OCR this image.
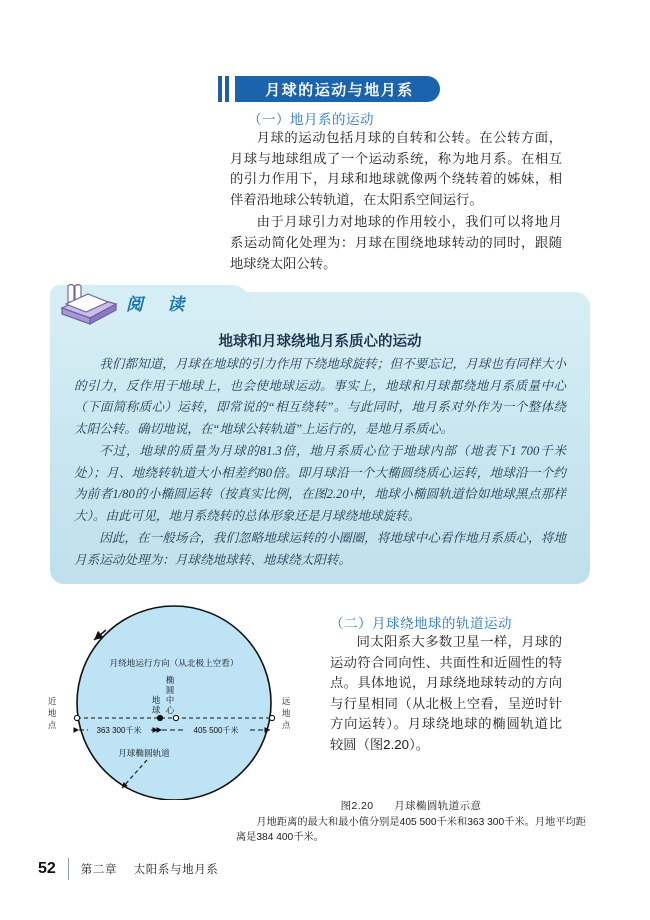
月球的运动与地月系
（一）地月系的运动

月球的运动包括月球的自转和公转。在公转方面，月球与地球组成了一个运动系统，称为地月系。在相互的引力作用下，月球和地球就像两个绕转着的姊妹，相伴着沿地球公转轨道，在太阳系空间运行。

由于月球引力对地球的作用较小，我们可以将地月系运动简化处理为：月球在围绕地球转动的同时，跟随地球绕太阳公转。

地球和月球绕地月系质心的运动

我们都知道，月球在地球的引力作用下绕地球旋转；但不要忘记，月球也有同样大小的引力，反作用于地球上，也会使地球运动。事实上，地球和月球都绕地月系质量中心（下面简称质心）运转，即常说的“相互绕转”。与此同时，地月系对外作为一个整体绕太阳公转。确切地说，在“地球公转轨道”上运行的，是地月系质心。

不过，地球的质量为月球的81.3倍，地月系质心位于地球内部（地表下1 700千米处）；月、地绕转轨道大小相差约80倍。即月球沿一个大椭圆绕质心运转，地球沿一个约为前者1/80的小椭圆运转（按真实比例，在图2.20中，地球小椭圆轨道恰如地球黑点那样大）。由此可见，地月系绕转的总体形象还是月球绕地球旋转。

因此，在一般场合，我们忽略地球运转的小圈圈，将地球中心看作地月系质心，将地月系运动处理为：月球绕地球转、地球绕太阳转。

阅 读
（二）月球绕地球的轨道运动

同太阳系大多数卫星一样，月球的运动符合同向性、共面性和近圆性的特点。具体地说，月球绕地球转动的方向与行星相同（从北极上空看，呈逆时针方向运转）。月球绕地球的椭圆轨道比较圆（图2.20）。

月绕地运行方向（从北极上空看）
近
地
点
远
地
点
地
球
椭
圆
中
心
363 300千米	405 500千米
月球椭圆轨道
图2.20 月球椭圆轨道示意
月地距离的最大和最小值分别是405 500千米和363 300千米。月地平均距离是384 400千米。
52 第二章 太阳系与地月系
